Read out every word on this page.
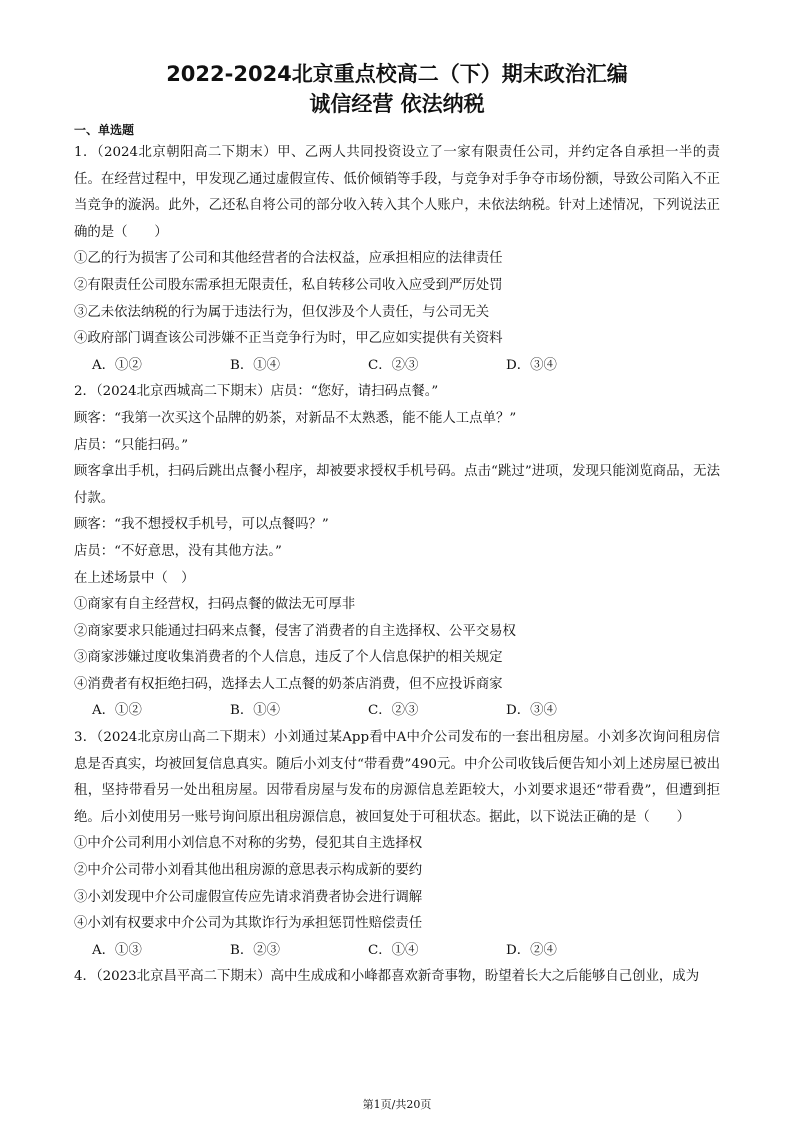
2022-2024北京重点校高二（下）期末政治汇编
诚信经营 依法纳税
一、单选题

1．（2024北京朝阳高二下期末）甲、乙两人共同投资设立了一家有限责任公司，并约定各自承担一半的责任。在经营过程中，甲发现乙通过虚假宣传、低价倾销等手段，与竞争对手争夺市场份额，导致公司陷入不正当竞争的漩涡。此外，乙还私自将公司的部分收入转入其个人账户，未依法纳税。针对上述情况，下列说法正确的是（　　）

①乙的行为损害了公司和其他经营者的合法权益，应承担相应的法律责任

②有限责任公司股东需承担无限责任，私自转移公司收入应受到严厉处罚

③乙未依法纳税的行为属于违法行为，但仅涉及个人责任，与公司无关

④政府部门调查该公司涉嫌不正当竞争行为时，甲乙应如实提供有关资料

A．①②	B．①④	C．②③	D．③④

2．（2024北京西城高二下期末）店员：“您好，请扫码点餐。”

顾客：“我第一次买这个品牌的奶茶，对新品不太熟悉，能不能人工点单？”

店员：“只能扫码。”

顾客拿出手机，扫码后跳出点餐小程序，却被要求授权手机号码。点击“跳过”进项，发现只能浏览商品，无法付款。

顾客：“我不想授权手机号，可以点餐吗？”

店员：“不好意思，没有其他方法。”

在上述场景中（　）

①商家有自主经营权，扫码点餐的做法无可厚非

②商家要求只能通过扫码来点餐，侵害了消费者的自主选择权、公平交易权

③商家涉嫌过度收集消费者的个人信息，违反了个人信息保护的相关规定

④消费者有权拒绝扫码，选择去人工点餐的奶茶店消费，但不应投诉商家

A．①②	B．①④	C．②③	D．③④

3．（2024北京房山高二下期末）小刘通过某App看中A中介公司发布的一套出租房屋。小刘多次询问租房信息是否真实，均被回复信息真实。随后小刘支付“带看费”490元。中介公司收钱后便告知小刘上述房屋已被出租，坚持带看另一处出租房屋。因带看房屋与发布的房源信息差距较大，小刘要求退还“带看费”，但遭到拒绝。后小刘使用另一账号询问原出租房源信息，被回复处于可租状态。据此，以下说法正确的是（　　）

①中介公司利用小刘信息不对称的劣势，侵犯其自主选择权

②中介公司带小刘看其他出租房源的意思表示构成新的要约

③小刘发现中介公司虚假宣传应先请求消费者协会进行调解

④小刘有权要求中介公司为其欺诈行为承担惩罚性赔偿责任

A．①③	B．②③	C．①④	D．②④

4．（2023北京昌平高二下期末）高中生成成和小峰都喜欢新奇事物，盼望着长大之后能够自己创业，成为

第1页/共20页
